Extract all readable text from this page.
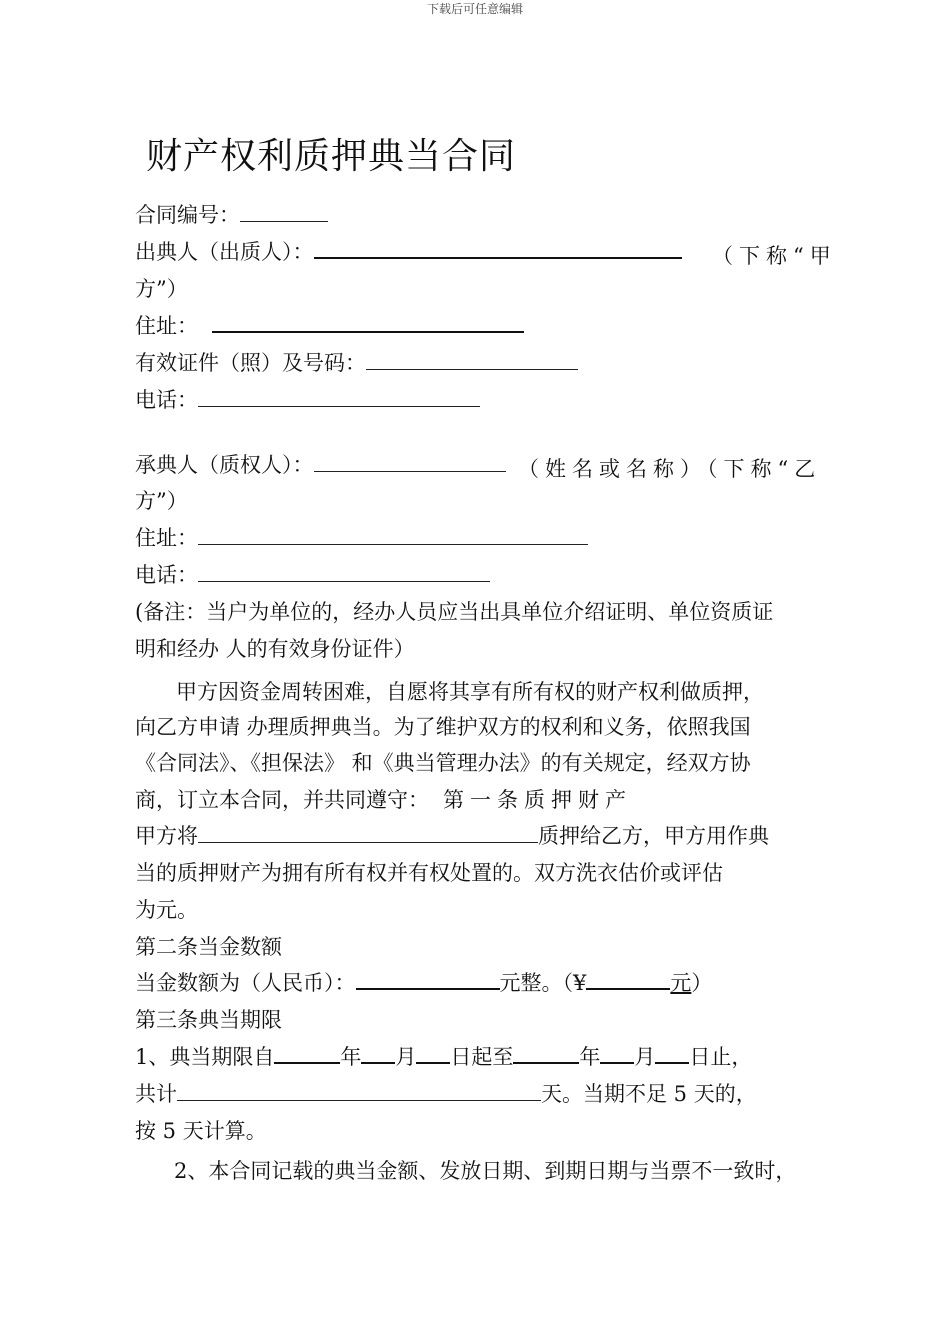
下载后可任意编辑
财产权利质押典当合同
合同编号：
出典人（出质人）：	（下称“甲
方”）
住址：
有效证件（照）及号码：
电话：
承典人（质权人）：	（姓名或名称）（下称“乙
方”）
住址：
电话：
(备注：当户为单位的，经办人员应当出具单位介绍证明、单位资质证
明和经办 人的有效身份证件）
甲方因资金周转困难，自愿将其享有所有权的财产权利做质押，
向乙方申请 办理质押典当。为了维护双方的权利和义务，依照我国
《合同法》、《担保法》 和《典当管理办法》的有关规定，经双方协
商，订立本合同，并共同遵守： 第一条质押财产
甲方将	质押给乙方，甲方用作典
当的质押财产为拥有所有权并有权处置的。双方洗衣估价或评估
为元。
第二条当金数额
当金数额为（人民币）：	元整。（¥	元）
第三条典当期限
1、典当期限自	年 月 日起至	年 月 日止，
共计	天。当期不足 5 天的，
按 5 天计算。
2、本合同记载的典当金额、发放日期、到期日期与当票不一致时，
